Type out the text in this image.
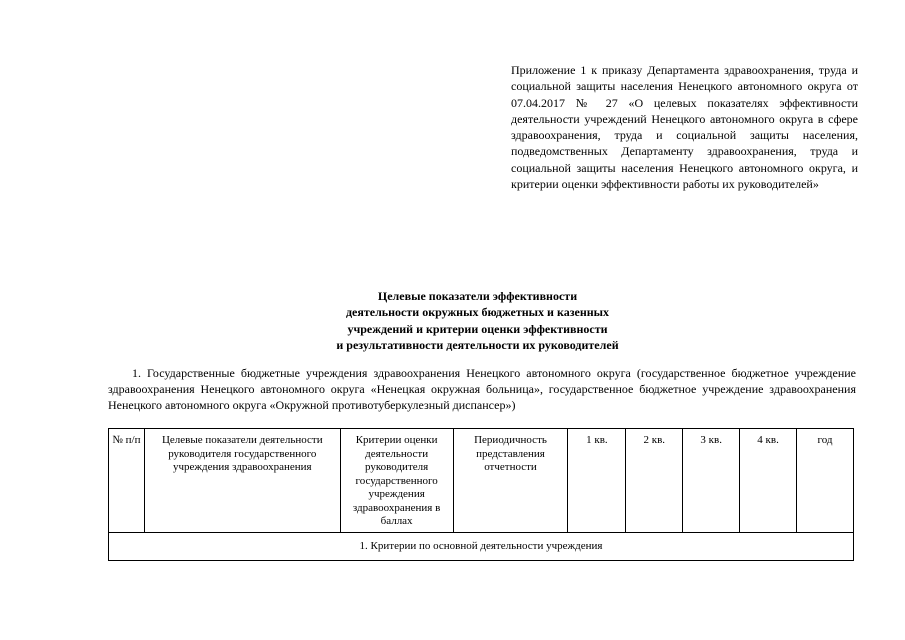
Приложение 1 к приказу Департамента здравоохранения, труда и социальной защиты населения Ненецкого автономного округа от 07.04.2017 № 27 «О целевых показателях эффективности деятельности учреждений Ненецкого автономного округа в сфере здравоохранения, труда и социальной защиты населения, подведомственных Департаменту здравоохранения, труда и социальной защиты населения Ненецкого автономного округа, и критерии оценки эффективности работы их руководителей»
Целевые показатели эффективности
деятельности окружных бюджетных и казенных
учреждений и критерии оценки эффективности
и результативности деятельности их руководителей
1. Государственные бюджетные учреждения здравоохранения Ненецкого автономного округа (государственное бюджетное учреждение здравоохранения Ненецкого автономного округа «Ненецкая окружная больница», государственное бюджетное учреждение здравоохранения Ненецкого автономного округа «Окружной противотуберкулезный диспансер»)
№ п/п	Целевые показатели деятельности руководителя государственного учреждения здравоохранения	Критерии оценки деятельности руководителя государственного учреждения здравоохранения в баллах	Периодичность представления отчетности	1 кв.	2 кв.	3 кв.	4 кв.	год
1. Критерии по основной деятельности учреждения
